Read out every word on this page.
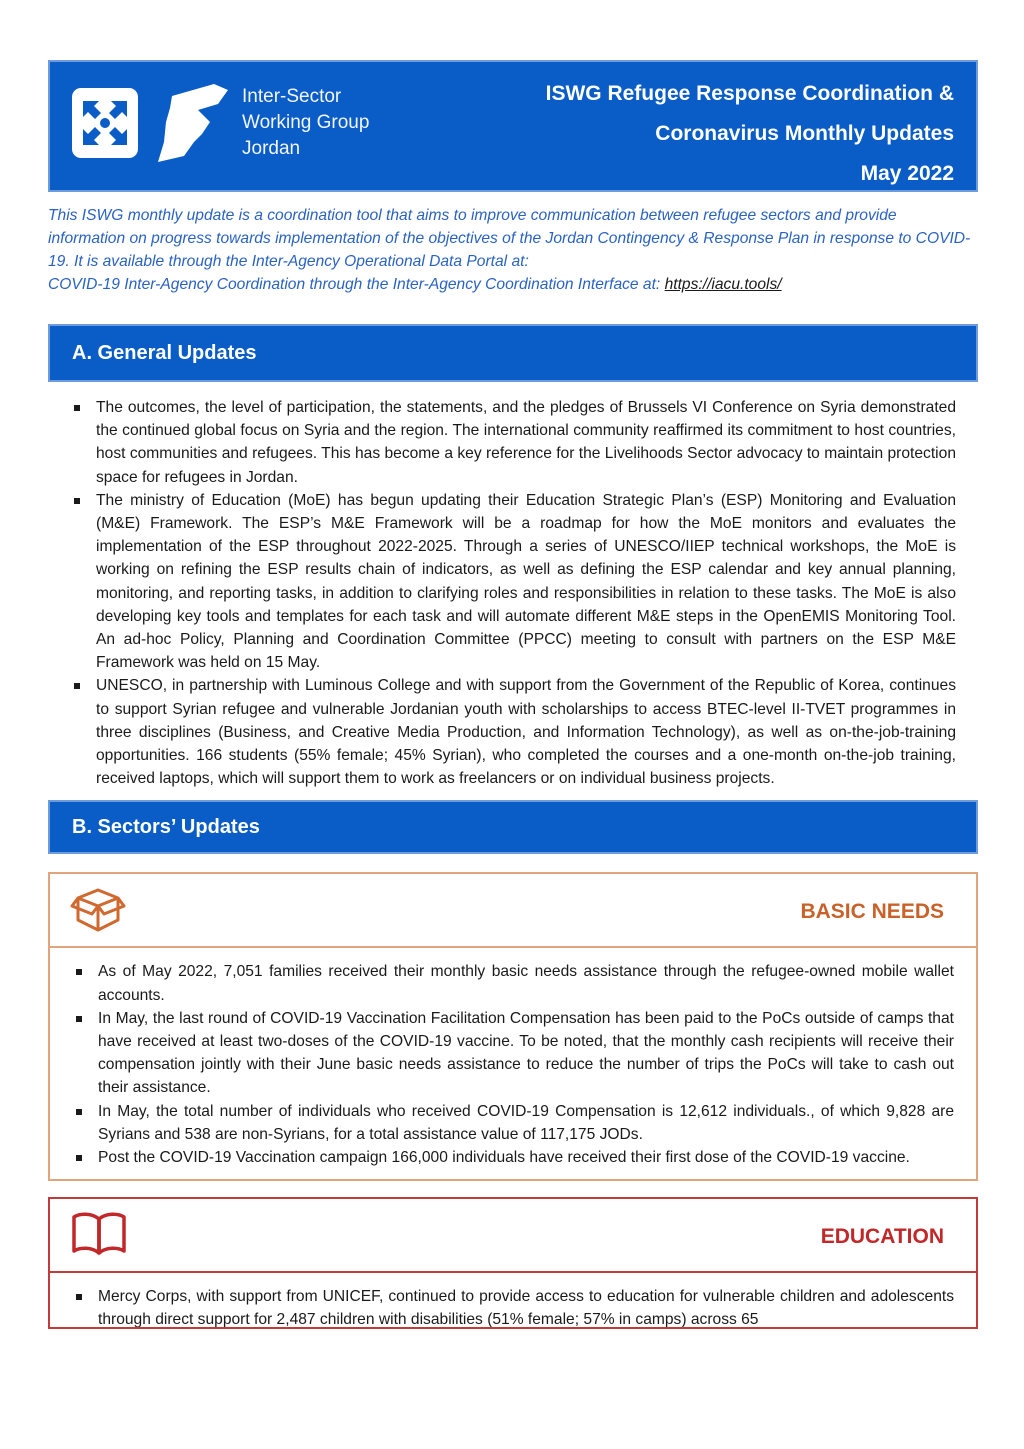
Inter-Sector
Working Group
Jordan
ISWG Refugee Response Coordination &
Coronavirus Monthly Updates
May 2022
This ISWG monthly update is a coordination tool that aims to improve communication between refugee sectors and provide information on progress towards implementation of the objectives of the Jordan Contingency & Response Plan in response to COVID-19. It is available through the Inter-Agency Operational Data Portal at:
COVID-19 Inter-Agency Coordination through the Inter-Agency Coordination Interface at: https://iacu.tools/
A. General Updates
The outcomes, the level of participation, the statements, and the pledges of Brussels VI Conference on Syria demonstrated the continued global focus on Syria and the region. The international community reaffirmed its commitment to host countries, host communities and refugees. This has become a key reference for the Livelihoods Sector advocacy to maintain protection space for refugees in Jordan.
The ministry of Education (MoE) has begun updating their Education Strategic Plan’s (ESP) Monitoring and Evaluation (M&E) Framework. The ESP’s M&E Framework will be a roadmap for how the MoE monitors and evaluates the implementation of the ESP throughout 2022-2025. Through a series of UNESCO/IIEP technical workshops, the MoE is working on refining the ESP results chain of indicators, as well as defining the ESP calendar and key annual planning, monitoring, and reporting tasks, in addition to clarifying roles and responsibilities in relation to these tasks. The MoE is also developing key tools and templates for each task and will automate different M&E steps in the OpenEMIS Monitoring Tool. An ad-hoc Policy, Planning and Coordination Committee (PPCC) meeting to consult with partners on the ESP M&E Framework was held on 15 May.
UNESCO, in partnership with Luminous College and with support from the Government of the Republic of Korea, continues to support Syrian refugee and vulnerable Jordanian youth with scholarships to access BTEC-level II-TVET programmes in three disciplines (Business, and Creative Media Production, and Information Technology), as well as on-the-job-training opportunities. 166 students (55% female; 45% Syrian), who completed the courses and a one-month on-the-job training, received laptops, which will support them to work as freelancers or on individual business projects.
B. Sectors’ Updates
BASIC NEEDS
As of May 2022, 7,051 families received their monthly basic needs assistance through the refugee-owned mobile wallet accounts.
In May, the last round of COVID-19 Vaccination Facilitation Compensation has been paid to the PoCs outside of camps that have received at least two-doses of the COVID-19 vaccine. To be noted, that the monthly cash recipients will receive their compensation jointly with their June basic needs assistance to reduce the number of trips the PoCs will take to cash out their assistance.
In May, the total number of individuals who received COVID-19 Compensation is 12,612 individuals., of which 9,828 are Syrians and 538 are non-Syrians, for a total assistance value of 117,175 JODs.
Post the COVID-19 Vaccination campaign 166,000 individuals have received their first dose of the COVID-19 vaccine.
EDUCATION
Mercy Corps, with support from UNICEF, continued to provide access to education for vulnerable children and adolescents through direct support for 2,487 children with disabilities (51% female; 57% in camps) across 65
